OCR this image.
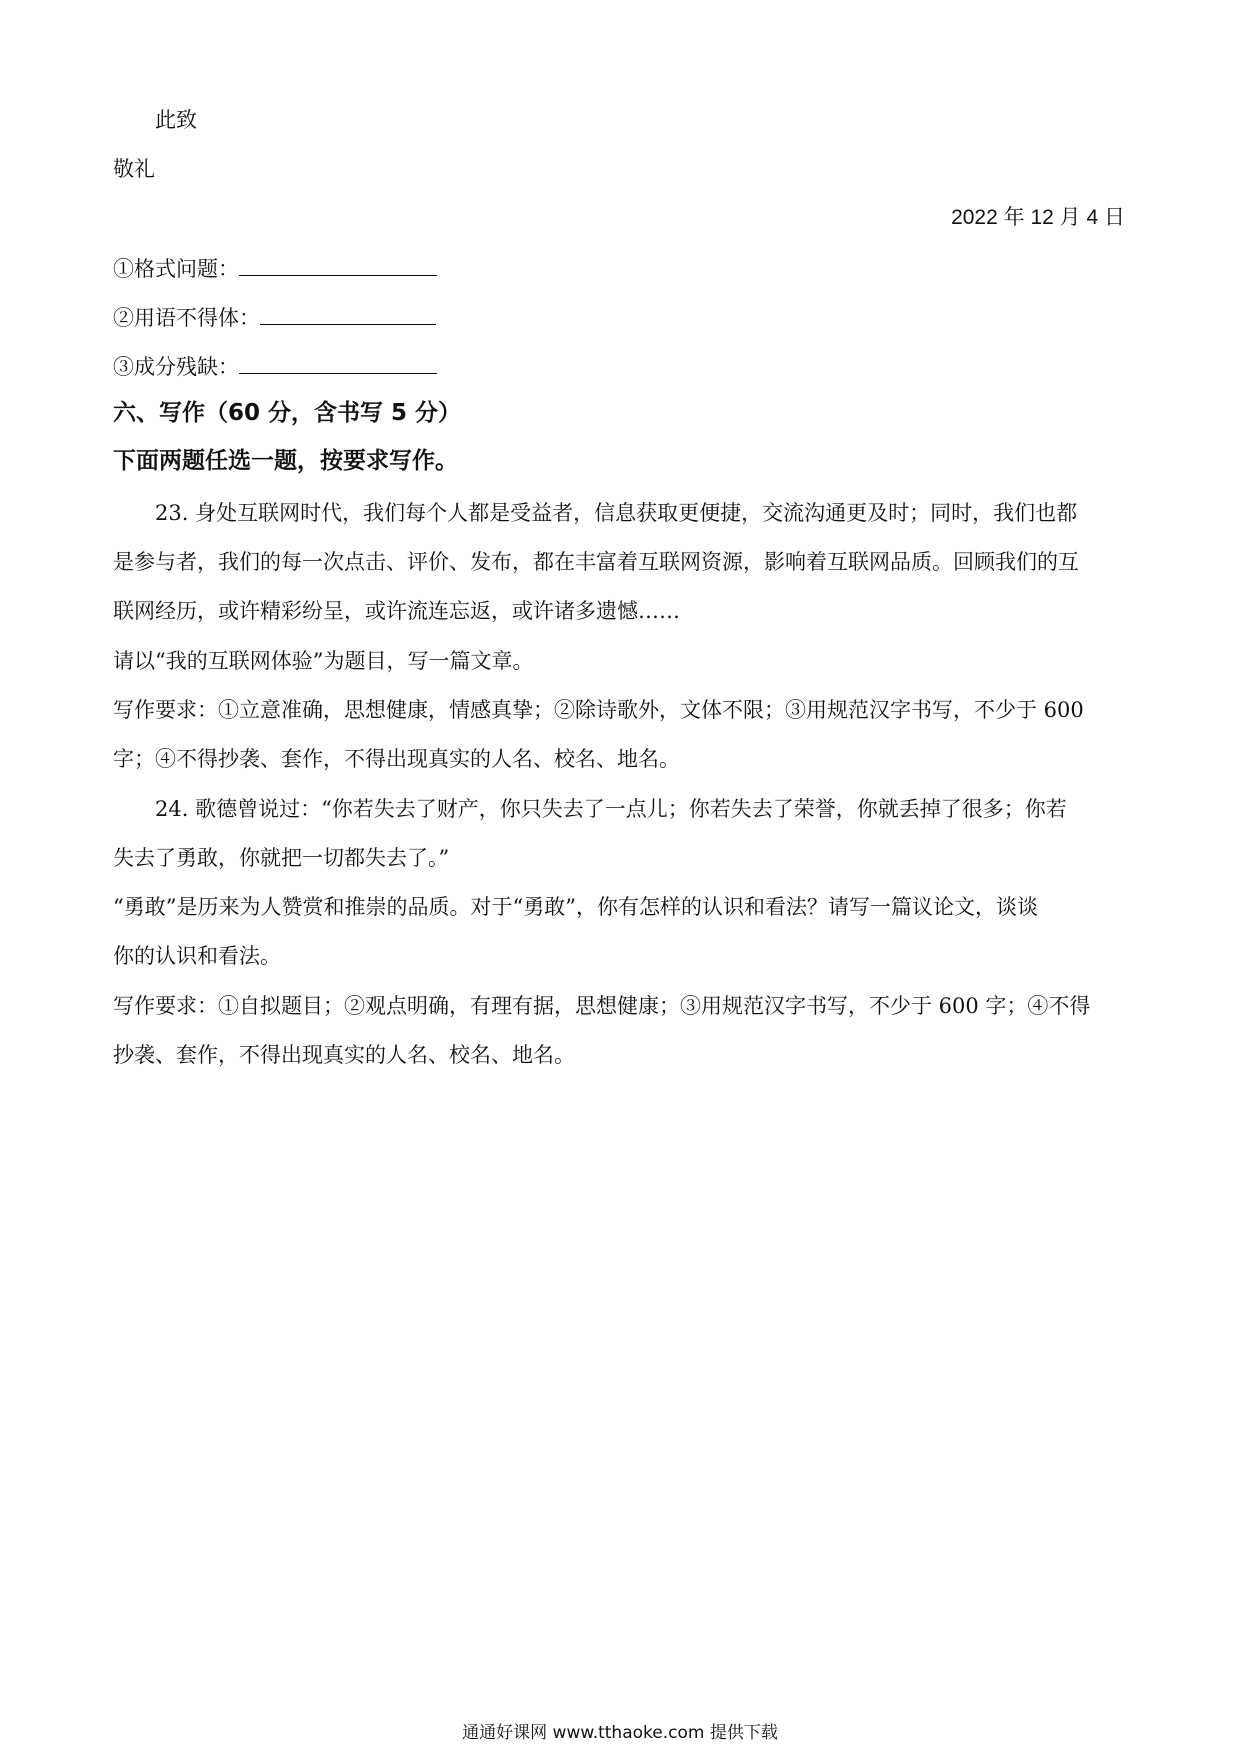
此致
敬礼
2022 年 12 月 4 日
①格式问题：
②用语不得体：
③成分残缺：
六、写作（60 分，含书写 5 分）
下面两题任选一题，按要求写作。
23. 身处互联网时代，我们每个人都是受益者，信息获取更便捷，交流沟通更及时；同时，我们也都
是参与者，我们的每一次点击、评价、发布，都在丰富着互联网资源，影响着互联网品质。回顾我们的互
联网经历，或许精彩纷呈，或许流连忘返，或许诸多遗憾……
请以“我的互联网体验”为题目，写一篇文章。
写作要求：①立意准确，思想健康，情感真挚；②除诗歌外，文体不限；③用规范汉字书写，不少于 600
字；④不得抄袭、套作，不得出现真实的人名、校名、地名。
24. 歌德曾说过：“你若失去了财产，你只失去了一点儿；你若失去了荣誉，你就丢掉了很多；你若
失去了勇敢，你就把一切都失去了。”
“勇敢”是历来为人赞赏和推崇的品质。对于“勇敢”，你有怎样的认识和看法？请写一篇议论文，谈谈
你的认识和看法。
写作要求：①自拟题目；②观点明确，有理有据，思想健康；③用规范汉字书写，不少于 600 字；④不得
抄袭、套作，不得出现真实的人名、校名、地名。
通通好课网 www.tthaoke.com 提供下载
